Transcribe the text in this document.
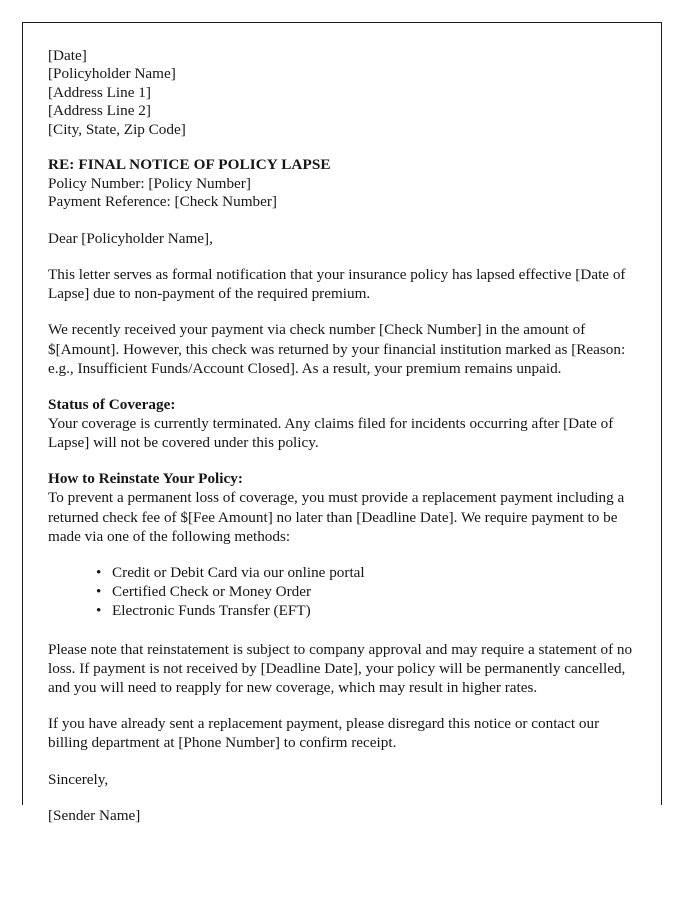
[Date]
[Policyholder Name]
[Address Line 1]
[Address Line 2]
[City, State, Zip Code]
RE: FINAL NOTICE OF POLICY LAPSE
Policy Number: [Policy Number]
Payment Reference: [Check Number]
Dear [Policyholder Name],

This letter serves as formal notification that your insurance policy has lapsed effective [Date of Lapse] due to non-payment of the required premium.

We recently received your payment via check number [Check Number] in the amount of $[Amount]. However, this check was returned by your financial institution marked as [Reason: e.g., Insufficient Funds/Account Closed]. As a result, your premium remains unpaid.

Status of Coverage:

Your coverage is currently terminated. Any claims filed for incidents occurring after [Date of Lapse] will not be covered under this policy.

How to Reinstate Your Policy:

To prevent a permanent loss of coverage, you must provide a replacement payment including a returned check fee of $[Fee Amount] no later than [Deadline Date]. We require payment to be made via one of the following methods:

• Credit or Debit Card via our online portal
• Certified Check or Money Order
• Electronic Funds Transfer (EFT)

Please note that reinstatement is subject to company approval and may require a statement of no loss. If payment is not received by [Deadline Date], your policy will be permanently cancelled, and you will need to reapply for new coverage, which may result in higher rates.

If you have already sent a replacement payment, please disregard this notice or contact our billing department at [Phone Number] to confirm receipt.

Sincerely,
[Sender Name]
